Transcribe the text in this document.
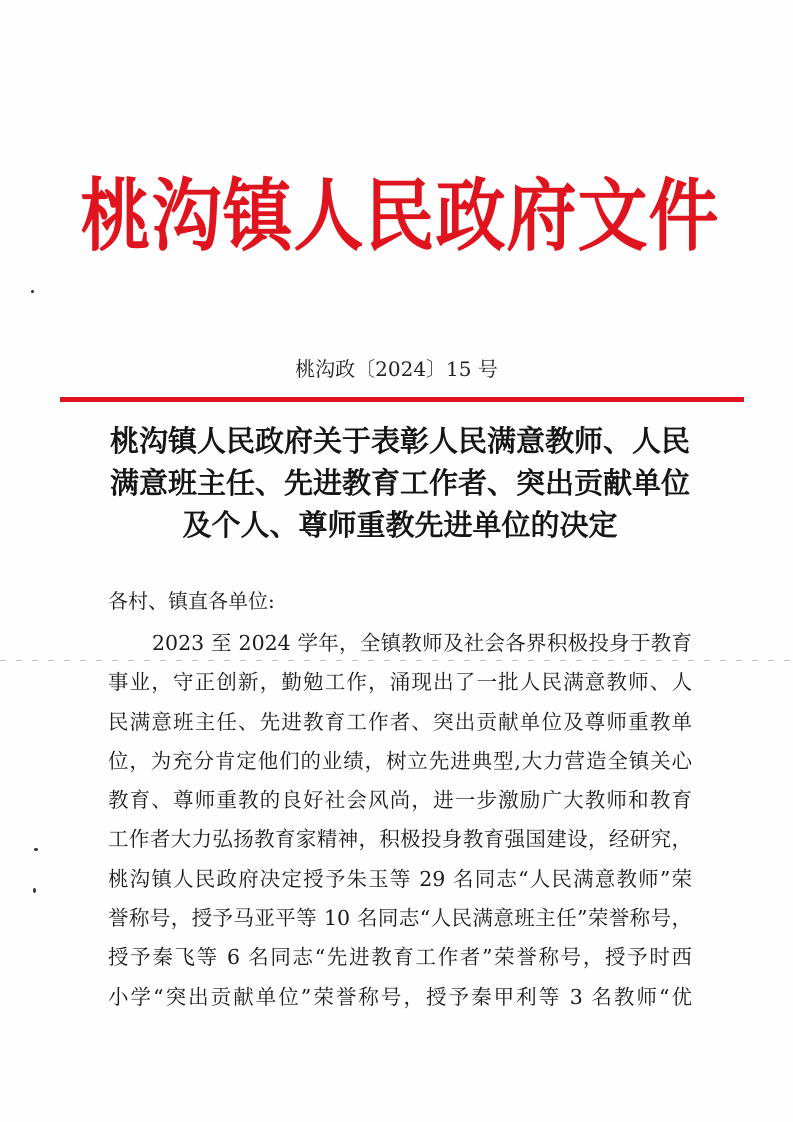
桃沟镇人民政府文件
桃沟政〔2024〕15 号
桃沟镇人民政府关于表彰人民满意教师、人民
满意班主任、先进教育工作者、突出贡献单位
及个人、尊师重教先进单位的决定
各村、镇直各单位:
2023 至 2024 学年，全镇教师及社会各界积极投身于教育
事业，守正创新，勤勉工作，涌现出了一批人民满意教师、人
民满意班主任、先进教育工作者、突出贡献单位及尊师重教单
位，为充分肯定他们的业绩，树立先进典型,大力营造全镇关心
教育、尊师重教的良好社会风尚，进一步激励广大教师和教育
工作者大力弘扬教育家精神，积极投身教育强国建设，经研究，
桃沟镇人民政府决定授予朱玉等 29 名同志“人民满意教师”荣
誉称号，授予马亚平等 10 名同志“人民满意班主任”荣誉称号，
授予秦飞等 6 名同志“先进教育工作者”荣誉称号，授予时西
小学“突出贡献单位”荣誉称号，授予秦甲利等 3 名教师“优
